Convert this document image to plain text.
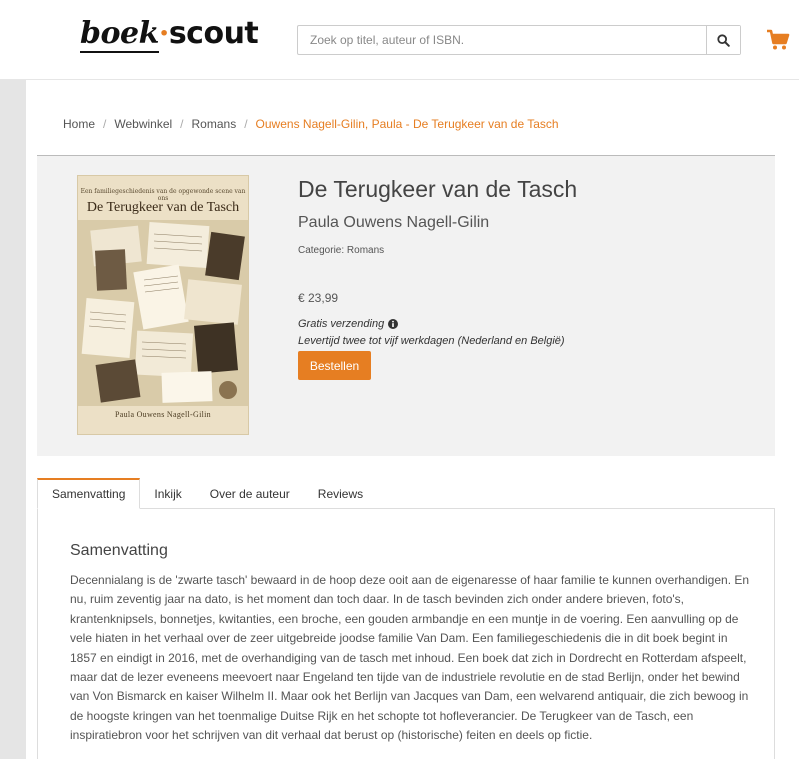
boek·scout
Zoek op titel, auteur of ISBN.
Home / Webwinkel / Romans / Ouwens Nagell-Gilin, Paula - De Terugkeer van de Tasch
Een familiegeschiedenis van de opgewonde scene van ons
De Terugkeer van de Tasch
Paula Ouwens Nagell-Gilin
De Terugkeer van de Tasch
Paula Ouwens Nagell-Gilin
Categorie: Romans
€ 23,99
Gratis verzending
Levertijd twee tot vijf werkdagen (Nederland en België)
Bestellen
Samenvatting	Inkijk	Over de auteur	Reviews
Samenvatting

Decennialang is de 'zwarte tasch' bewaard in de hoop deze ooit aan de eigenaresse of haar familie te kunnen overhandigen. En nu, ruim zeventig jaar na dato, is het moment dan toch daar. In de tasch bevinden zich onder andere brieven, foto's, krantenknipsels, bonnetjes, kwitanties, een broche, een gouden armbandje en een muntje in de voering. Een aanvulling op de vele hiaten in het verhaal over de zeer uitgebreide joodse familie Van Dam. Een familiegeschiedenis die in dit boek begint in 1857 en eindigt in 2016, met de overhandiging van de tasch met inhoud. Een boek dat zich in Dordrecht en Rotterdam afspeelt, maar dat de lezer eveneens meevoert naar Engeland ten tijde van de industriele revolutie en de stad Berlijn, onder het bewind van Von Bismarck en kaiser Wilhelm II. Maar ook het Berlijn van Jacques van Dam, een welvarend antiquair, die zich bewoog in de hoogste kringen van het toenmalige Duitse Rijk en het schopte tot hofleverancier. De Terugkeer van de Tasch, een inspiratiebron voor het schrijven van dit verhaal dat berust op (historische) feiten en deels op fictie.
